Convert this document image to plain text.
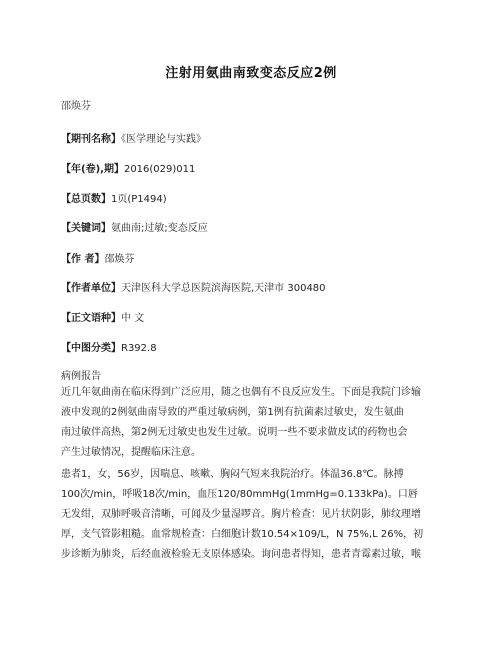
注射用氨曲南致变态反应2例
邵焕芬
【期刊名称】《医学理论与实践》
【年(卷),期】2016(029)011
【总页数】1页(P1494)
【关键词】氨曲南;过敏;变态反应
【作 者】邵焕芬
【作者单位】天津医科大学总医院滨海医院,天津市 300480
【正文语种】中 文
【中图分类】R392.8
病例报告
近几年氨曲南在临床得到广泛应用，随之也偶有不良反应发生。下面是我院门诊输
液中发现的2例氨曲南导致的严重过敏病例，第1例有抗菌素过敏史，发生氨曲
南过敏伴高热，第2例无过敏史也发生过敏。说明一些不要求做皮试的药物也会
产生过敏情况，提醒临床注意。
患者1，女，56岁，因喘息、咳嗽、胸闷气短来我院治疗。体温36.8℃。脉搏
100次/min，呼吸18次/min，血压120/80mmHg(1mmHg=0.133kPa)。口唇
无发绀，双肺呼吸音清晰，可闻及少量湿啰音。胸片检查：见片状阴影，肺纹理增
厚，支气管影粗糙。血常规检查：白细胞计数10.54×109/L，N 75%,L 26%，初
步诊断为肺炎，后经血液检验无支原体感染。询问患者得知，患者青霉素过敏，喉
